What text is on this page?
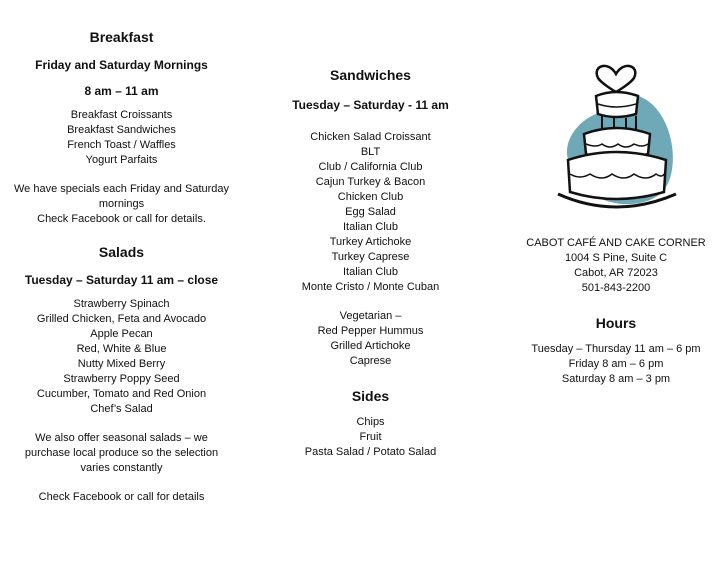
Breakfast

Friday and Saturday Mornings

8 am – 11 am

Breakfast Croissants

Breakfast Sandwiches

French Toast / Waffles

Yogurt Parfaits

We have specials each Friday and Saturday

mornings

Check Facebook or call for details.

Salads

Tuesday – Saturday 11 am – close

Strawberry Spinach

Grilled Chicken, Feta and Avocado

Apple Pecan

Red, White & Blue

Nutty Mixed Berry

Strawberry Poppy Seed

Cucumber, Tomato and Red Onion

Chef’s Salad

We also offer seasonal salads – we

purchase local produce so the selection

varies constantly

Check Facebook or call for details

Sandwiches

Tuesday – Saturday - 11 am

Chicken Salad Croissant

BLT

Club / California Club

Cajun Turkey & Bacon

Chicken Club

Egg Salad

Italian Club

Turkey Artichoke

Turkey Caprese

Italian Club

Monte Cristo / Monte Cuban

Vegetarian –

Red Pepper Hummus

Grilled Artichoke

Caprese

Sides

Chips

Fruit

Pasta Salad / Potato Salad

CABOT CAFÉ AND CAKE CORNER

1004 S Pine, Suite C

Cabot, AR 72023

501-843-2200

Hours

Tuesday – Thursday 11 am – 6 pm

Friday 8 am – 6 pm

Saturday 8 am – 3 pm
